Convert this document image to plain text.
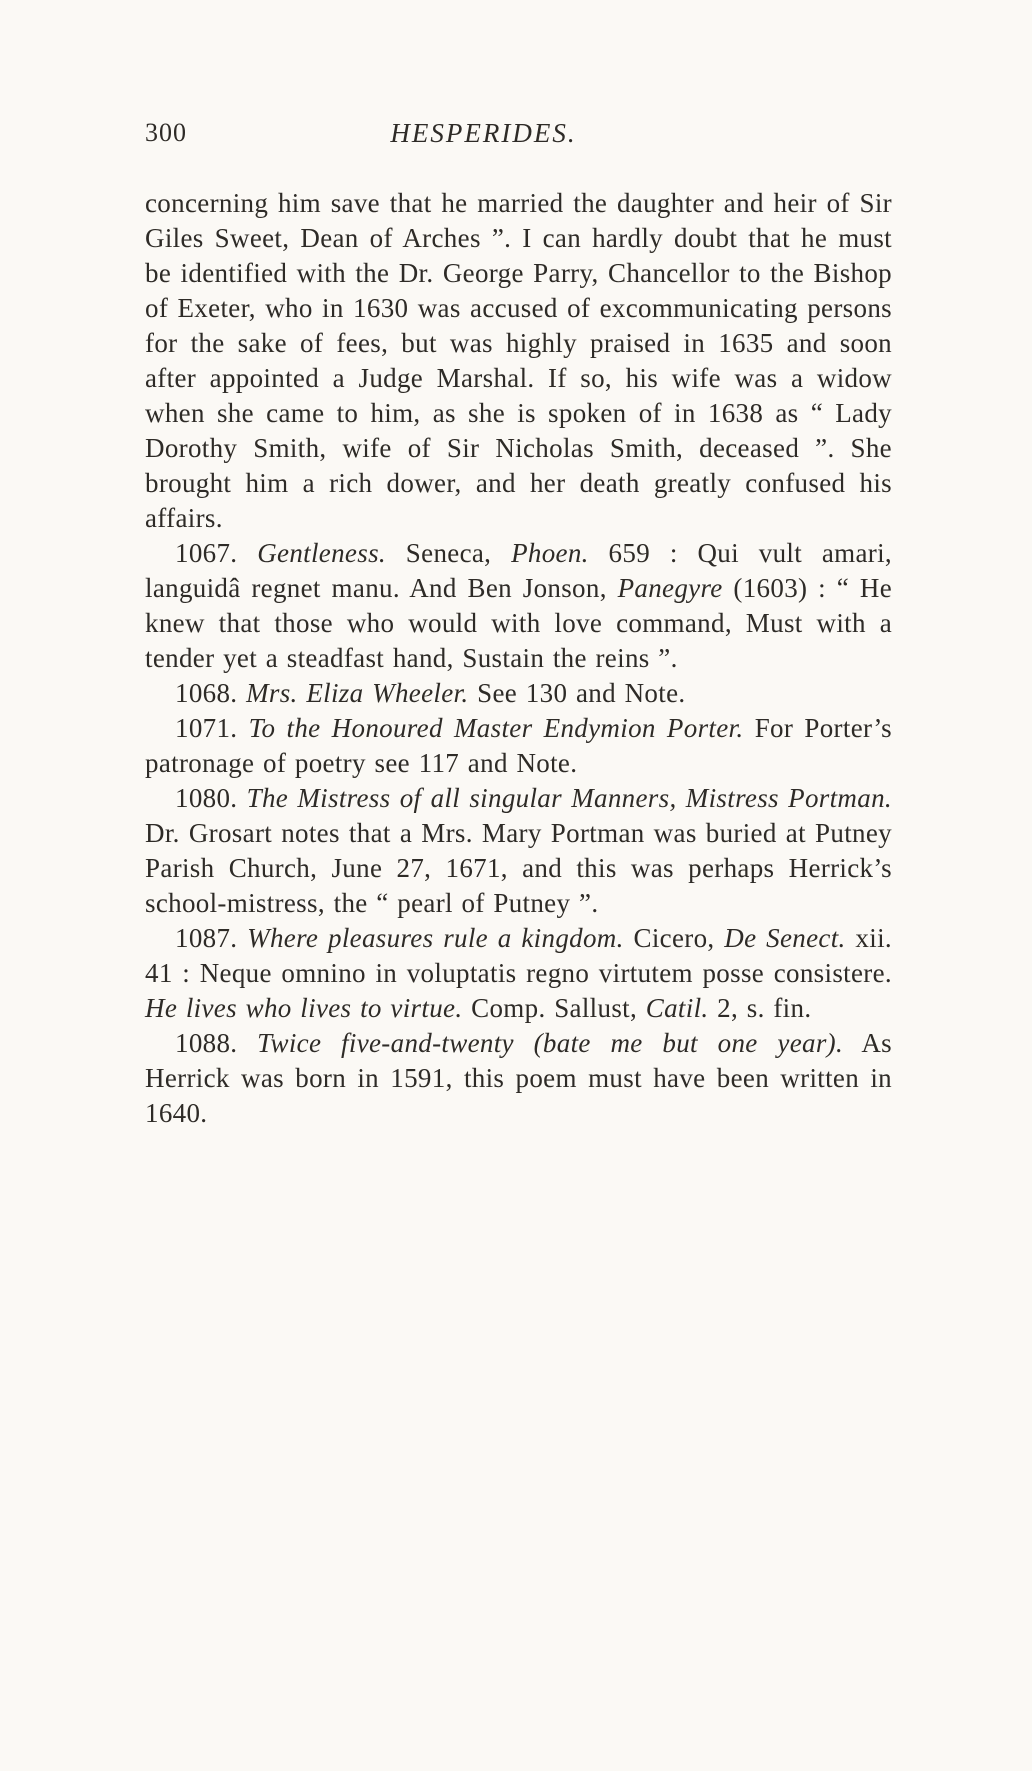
300	HESPERIDES.

concerning him save that he married the daughter and heir of Sir Giles Sweet, Dean of Arches ”. I can hardly doubt that he must be identified with the Dr. George Parry, Chancellor to the Bishop of Exeter, who in 1630 was accused of excommunicating persons for the sake of fees, but was highly praised in 1635 and soon after appointed a Judge Marshal. If so, his wife was a widow when she came to him, as she is spoken of in 1638 as “ Lady Dorothy Smith, wife of Sir Nicholas Smith, deceased ”. She brought him a rich dower, and her death greatly confused his affairs.

1067. Gentleness. Seneca, Phoen. 659 : Qui vult amari, languidâ regnet manu. And Ben Jonson, Panegyre (1603) : “ He knew that those who would with love command, Must with a tender yet a steadfast hand, Sustain the reins ”.

1068. Mrs. Eliza Wheeler. See 130 and Note.

1071. To the Honoured Master Endymion Porter. For Porter’s patronage of poetry see 117 and Note.

1080. The Mistress of all singular Manners, Mistress Portman. Dr. Grosart notes that a Mrs. Mary Portman was buried at Putney Parish Church, June 27, 1671, and this was perhaps Herrick’s school-mistress, the “ pearl of Putney ”.

1087. Where pleasures rule a kingdom. Cicero, De Senect. xii. 41 : Neque omnino in voluptatis regno virtutem posse consistere. He lives who lives to virtue. Comp. Sallust, Catil. 2, s. fin.

1088. Twice five-and-twenty (bate me but one year). As Herrick was born in 1591, this poem must have been written in 1640.
